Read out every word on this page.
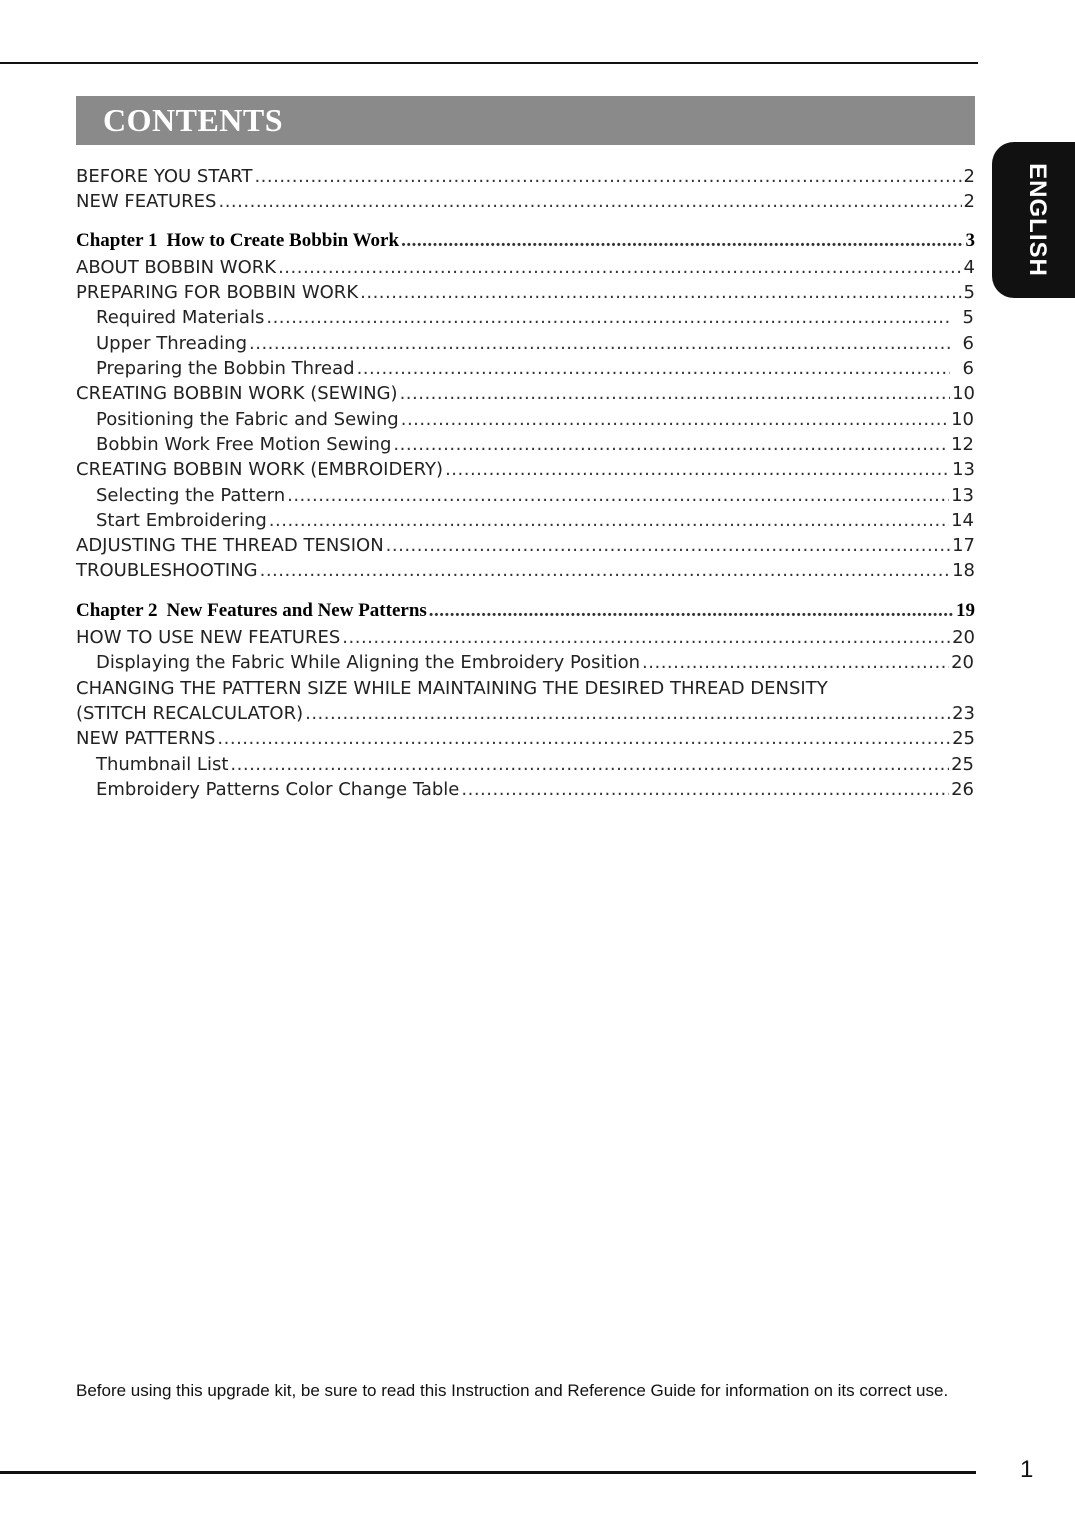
CONTENTS
ENGLISH
BEFORE YOU START .....	2
NEW FEATURES .....	2
Chapter 1 How to Create Bobbin Work .....	3
ABOUT BOBBIN WORK .....	4
PREPARING FOR BOBBIN WORK .....	5
Required Materials .....	5
Upper Threading .....	6
Preparing the Bobbin Thread .....	6
CREATING BOBBIN WORK (SEWING) .....	10
Positioning the Fabric and Sewing .....	10
Bobbin Work Free Motion Sewing .....	12
CREATING BOBBIN WORK (EMBROIDERY) .....	13
Selecting the Pattern .....	13
Start Embroidering .....	14
ADJUSTING THE THREAD TENSION .....	17
TROUBLESHOOTING .....	18
Chapter 2 New Features and New Patterns .....	19
HOW TO USE NEW FEATURES .....	20
Displaying the Fabric While Aligning the Embroidery Position .....	20
CHANGING THE PATTERN SIZE WHILE MAINTAINING THE DESIRED THREAD DENSITY
(STITCH RECALCULATOR) .....	23
NEW PATTERNS .....	25
Thumbnail List .....	25
Embroidery Patterns Color Change Table .....	26
Before using this upgrade kit, be sure to read this Instruction and Reference Guide for information on its correct use.
1
